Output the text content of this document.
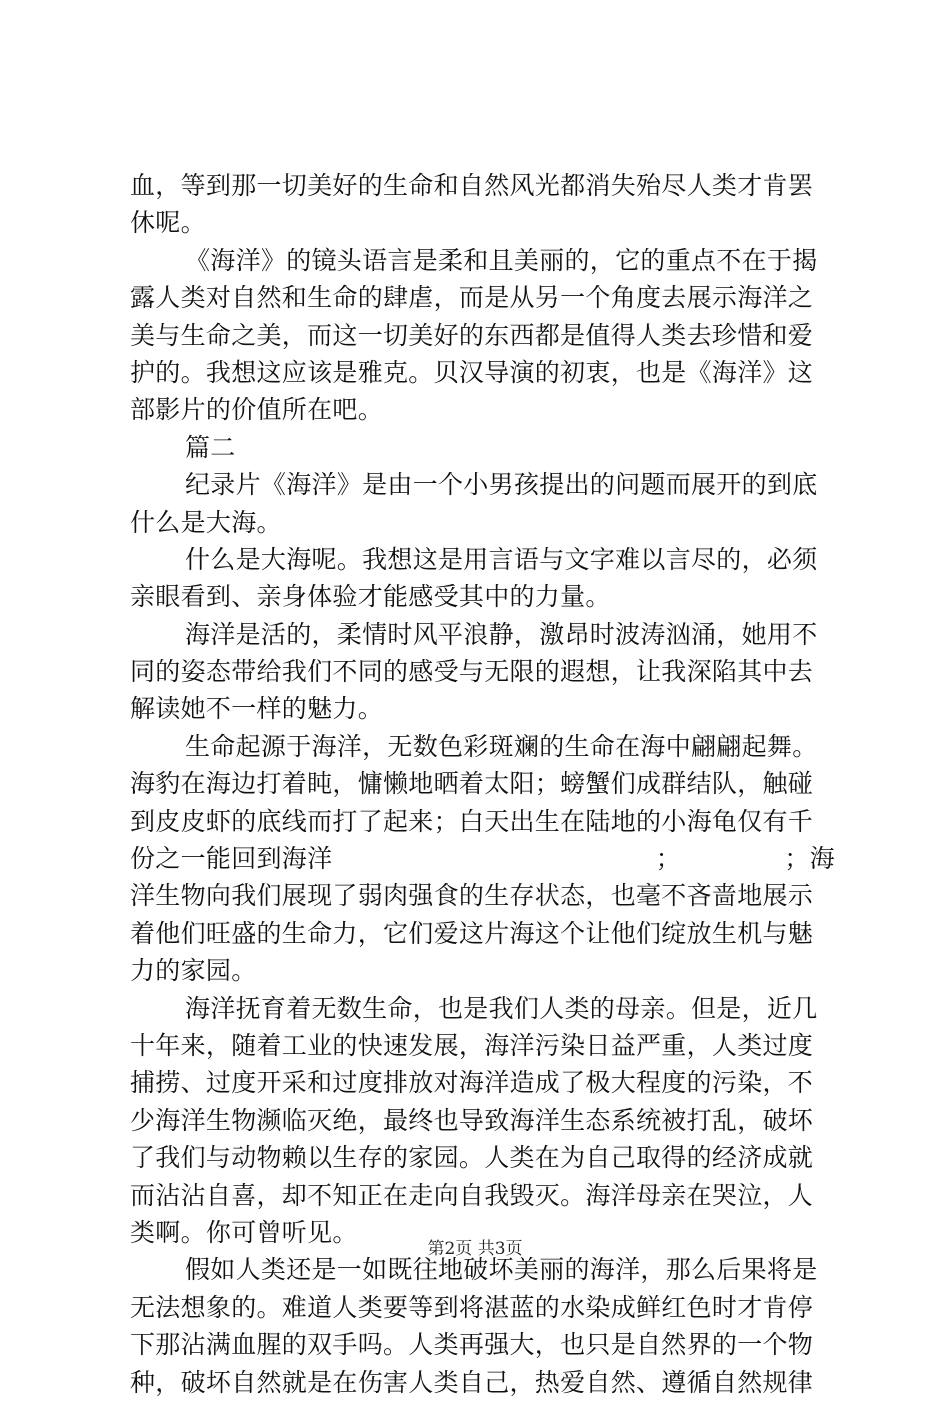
血，等到那一切美好的生命和自然风光都消失殆尽人类才肯罢
休呢。
《海洋》的镜头语言是柔和且美丽的，它的重点不在于揭
露人类对自然和生命的肆虐，而是从另一个角度去展示海洋之
美与生命之美，而这一切美好的东西都是值得人类去珍惜和爱
护的。我想这应该是雅克。贝汉导演的初衷，也是《海洋》这
部影片的价值所在吧。
篇二
纪录片《海洋》是由一个小男孩提出的问题而展开的到底
什么是大海。
什么是大海呢。我想这是用言语与文字难以言尽的，必须
亲眼看到、亲身体验才能感受其中的力量。
海洋是活的，柔情时风平浪静，激昂时波涛汹涌，她用不
同的姿态带给我们不同的感受与无限的遐想，让我深陷其中去
解读她不一样的魅力。
生命起源于海洋，无数色彩斑斓的生命在海中翩翩起舞。
海豹在海边打着盹，慵懒地晒着太阳；螃蟹们成群结队，触碰
到皮皮虾的底线而打了起来；白天出生在陆地的小海龟仅有千
份之一能回到海洋	；	；海
洋生物向我们展现了弱肉强食的生存状态，也毫不吝啬地展示
着他们旺盛的生命力，它们爱这片海这个让他们绽放生机与魅
力的家园。
海洋抚育着无数生命，也是我们人类的母亲。但是，近几
十年来，随着工业的快速发展，海洋污染日益严重，人类过度
捕捞、过度开采和过度排放对海洋造成了极大程度的污染，不
少海洋生物濒临灭绝，最终也导致海洋生态系统被打乱，破坏
了我们与动物赖以生存的家园。人类在为自己取得的经济成就
而沾沾自喜，却不知正在走向自我毁灭。海洋母亲在哭泣，人
类啊。你可曾听见。
假如人类还是一如既往地破坏美丽的海洋，那么后果将是
无法想象的。难道人类要等到将湛蓝的水染成鲜红色时才肯停
下那沾满血腥的双手吗。人类再强大，也只是自然界的一个物
种，破坏自然就是在伤害人类自己，热爱自然、遵循自然规律
第2页 共3页
